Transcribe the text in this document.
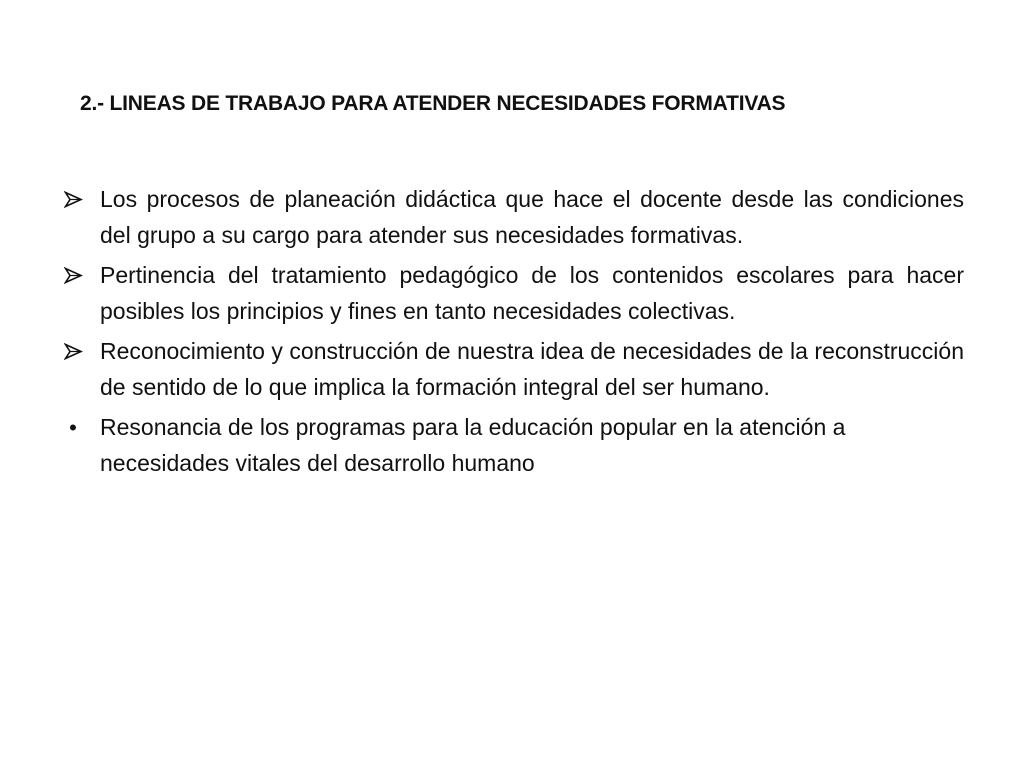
2.- LINEAS DE TRABAJO PARA ATENDER NECESIDADES FORMATIVAS
Los procesos de planeación didáctica que hace el docente desde las condiciones del grupo a su cargo para atender sus necesidades formativas.
Pertinencia del tratamiento pedagógico de los contenidos escolares para hacer posibles los principios y fines en tanto necesidades colectivas.
Reconocimiento y construcción de nuestra idea de necesidades de la reconstrucción de sentido de lo que implica la formación integral del ser humano.
•	Resonancia de los programas para la educación popular en la atención a necesidades vitales del desarrollo humano
